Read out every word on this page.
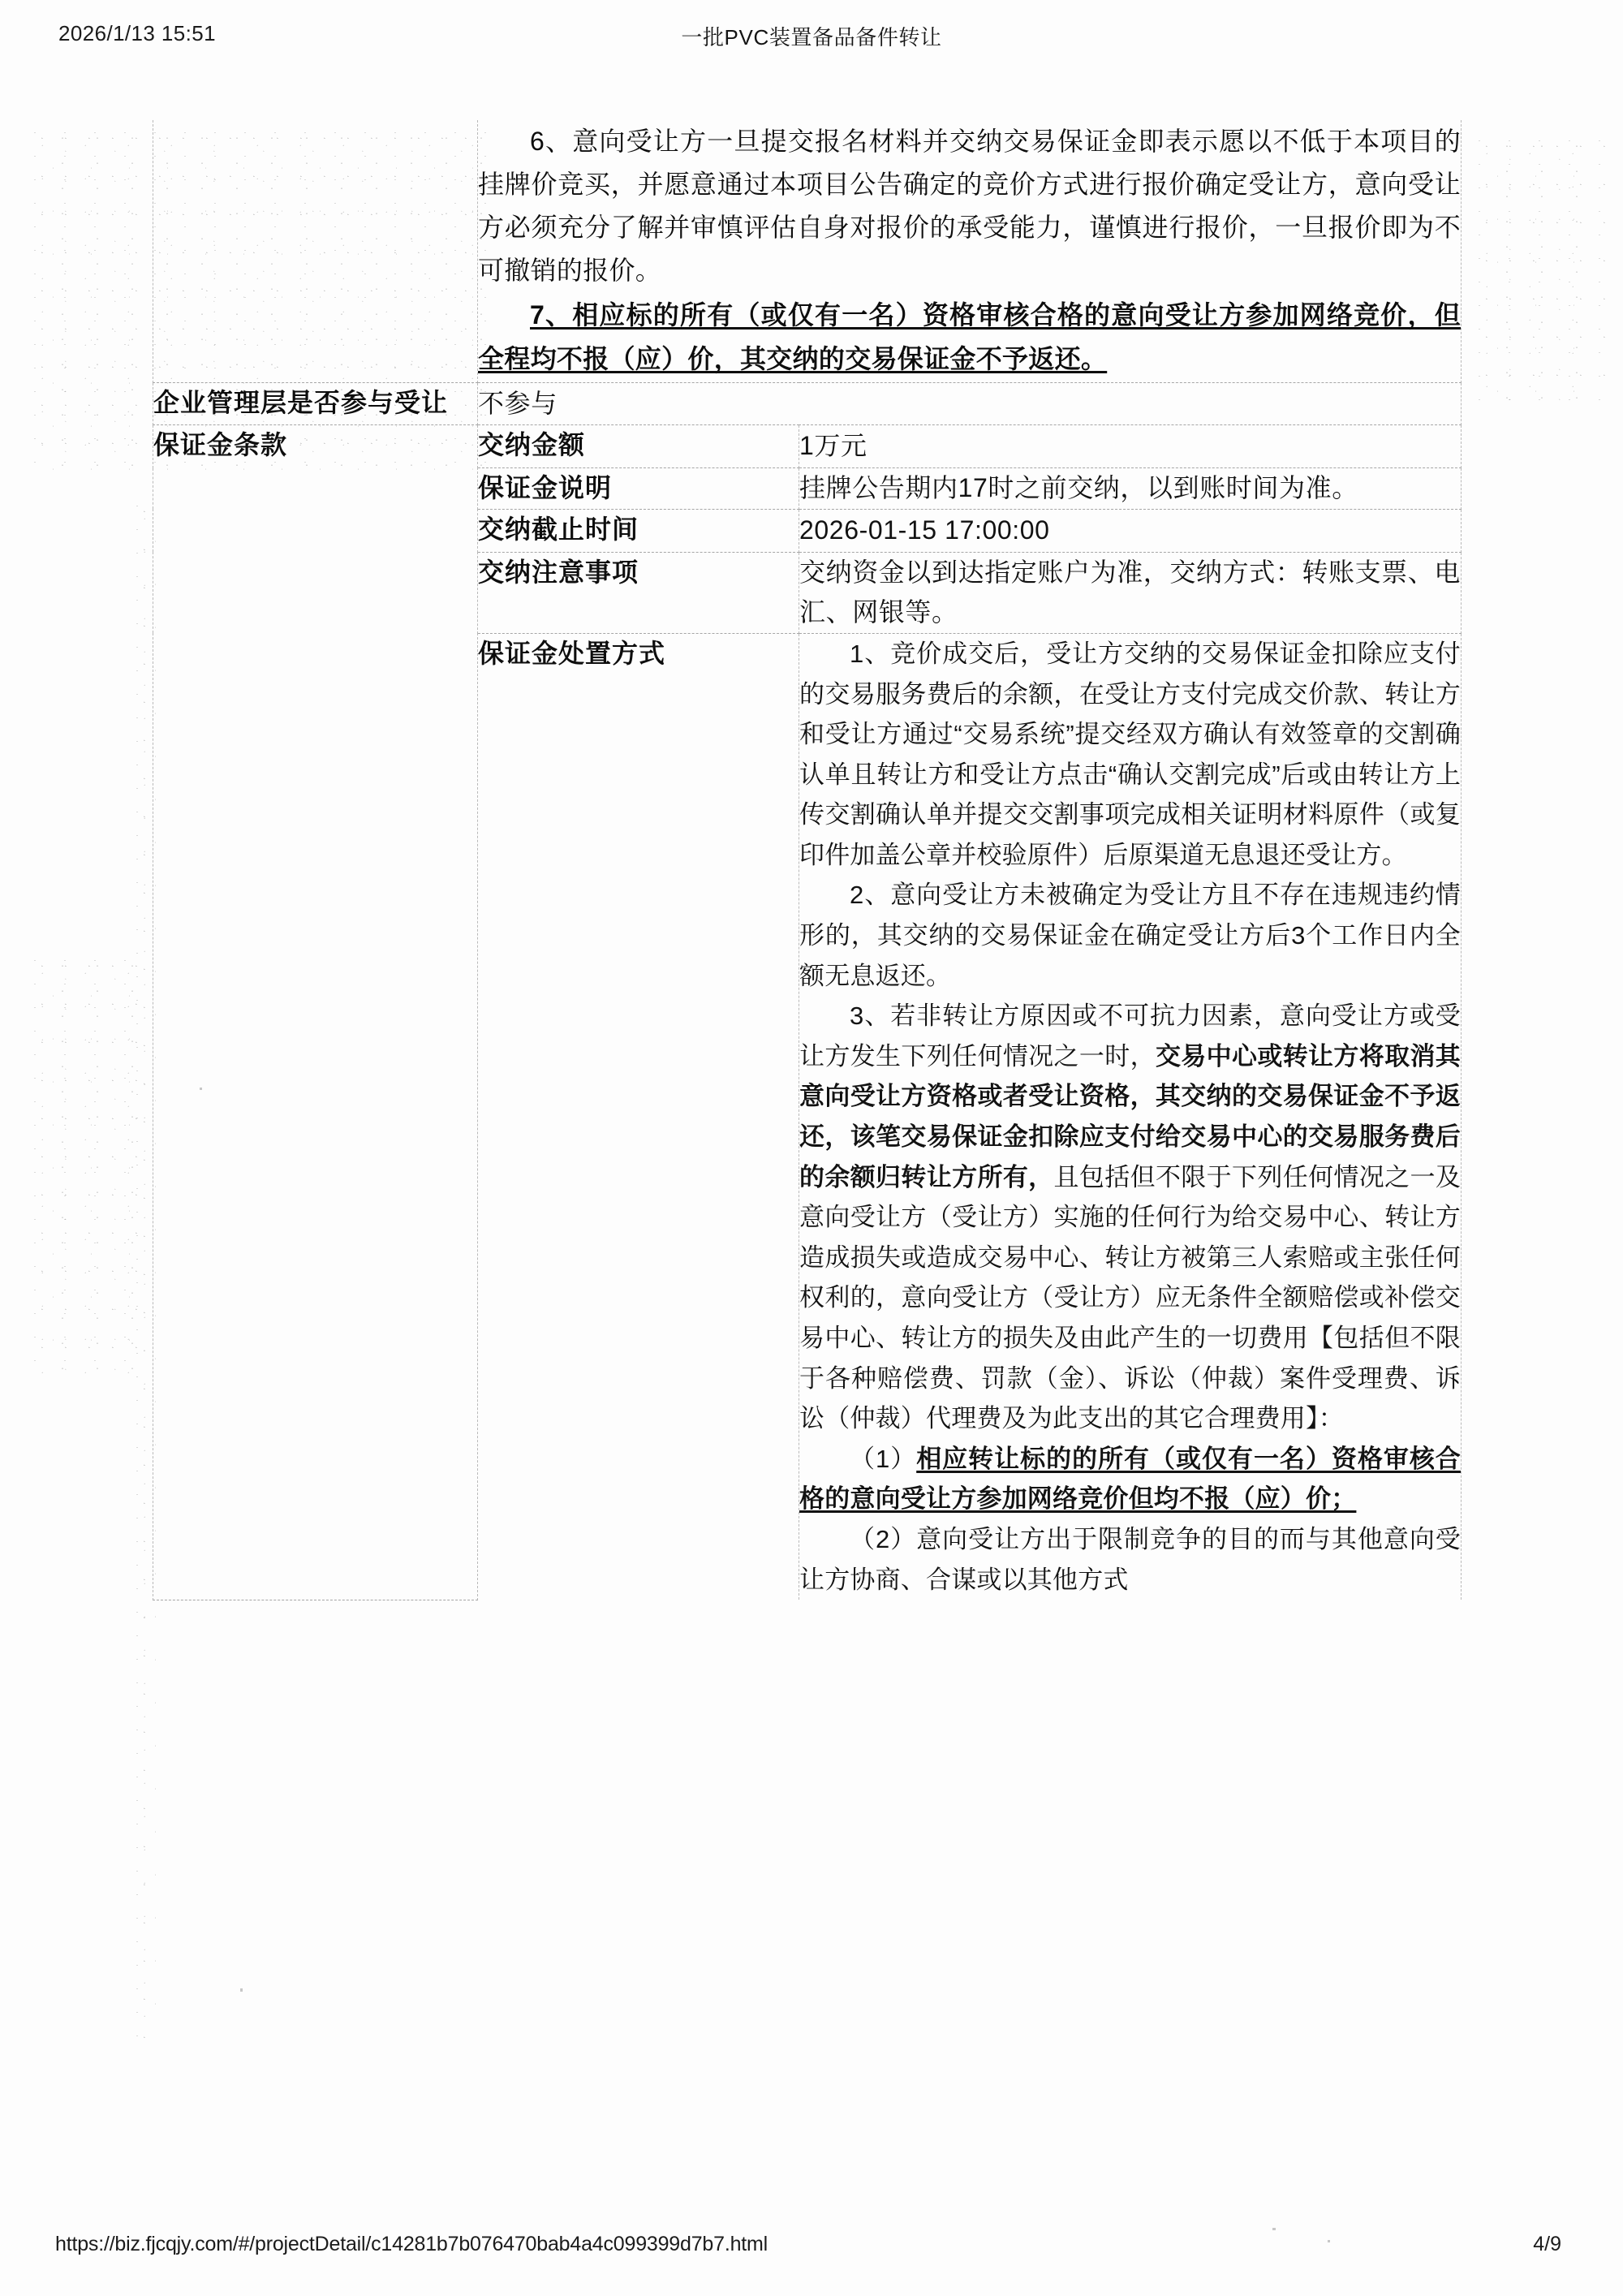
2026/1/13 15:51	一批PVC装置备品备件转让

	6、意向受让方一旦提交报名材料并交纳交易保证金即表示愿以不低于本项目的挂牌价竞买，并愿意通过本项目公告确定的竞价方式进行报价确定受让方，意向受让方必须充分了解并审慎评估自身对报价的承受能力，谨慎进行报价，一旦报价即为不可撤销的报价。

7、相应标的所有（或仅有一名）资格审核合格的意向受让方参加网络竞价，但全程均不报（应）价，其交纳的交易保证金不予返还。	

企业管理层是否参与受让	不参与	

保证金条款	交纳金额	1万元

	保证金说明	挂牌公告期内17时之前交纳，以到账时间为准。

	交纳截止时间	2026-01-15 17:00:00

	交纳注意事项	交纳资金以到达指定账户为准，交纳方式：转账支票、电汇、网银等。

	保证金处置方式	1、竞价成交后，受让方交纳的交易保证金扣除应支付的交易服务费后的余额，在受让方支付完成交价款、转让方和受让方通过“交易系统”提交经双方确认有效签章的交割确认单且转让方和受让方点击“确认交割完成”后或由转让方上传交割确认单并提交交割事项完成相关证明材料原件（或复印件加盖公章并校验原件）后原渠道无息退还受让方。

2、意向受让方未被确定为受让方且不存在违规违约情形的，其交纳的交易保证金在确定受让方后3个工作日内全额无息返还。

3、若非转让方原因或不可抗力因素，意向受让方或受让方发生下列任何情况之一时，交易中心或转让方将取消其意向受让方资格或者受让资格，其交纳的交易保证金不予返还，该笔交易保证金扣除应支付给交易中心的交易服务费后的余额归转让方所有，且包括但不限于下列任何情况之一及意向受让方（受让方）实施的任何行为给交易中心、转让方造成损失或造成交易中心、转让方被第三人索赔或主张任何权利的，意向受让方（受让方）应无条件全额赔偿或补偿交易中心、转让方的损失及由此产生的一切费用【包括但不限于各种赔偿费、罚款（金）、诉讼（仲裁）案件受理费、诉讼（仲裁）代理费及为此支出的其它合理费用】：

（1）相应转让标的的所有（或仅有一名）资格审核合格的意向受让方参加网络竞价但均不报（应）价；

（2）意向受让方出于限制竞争的目的而与其他意向受让方协商、合谋或以其他方式

https://biz.fjcqjy.com/#/projectDetail/c14281b7b076470bab4a4c099399d7b7.html	4/9
